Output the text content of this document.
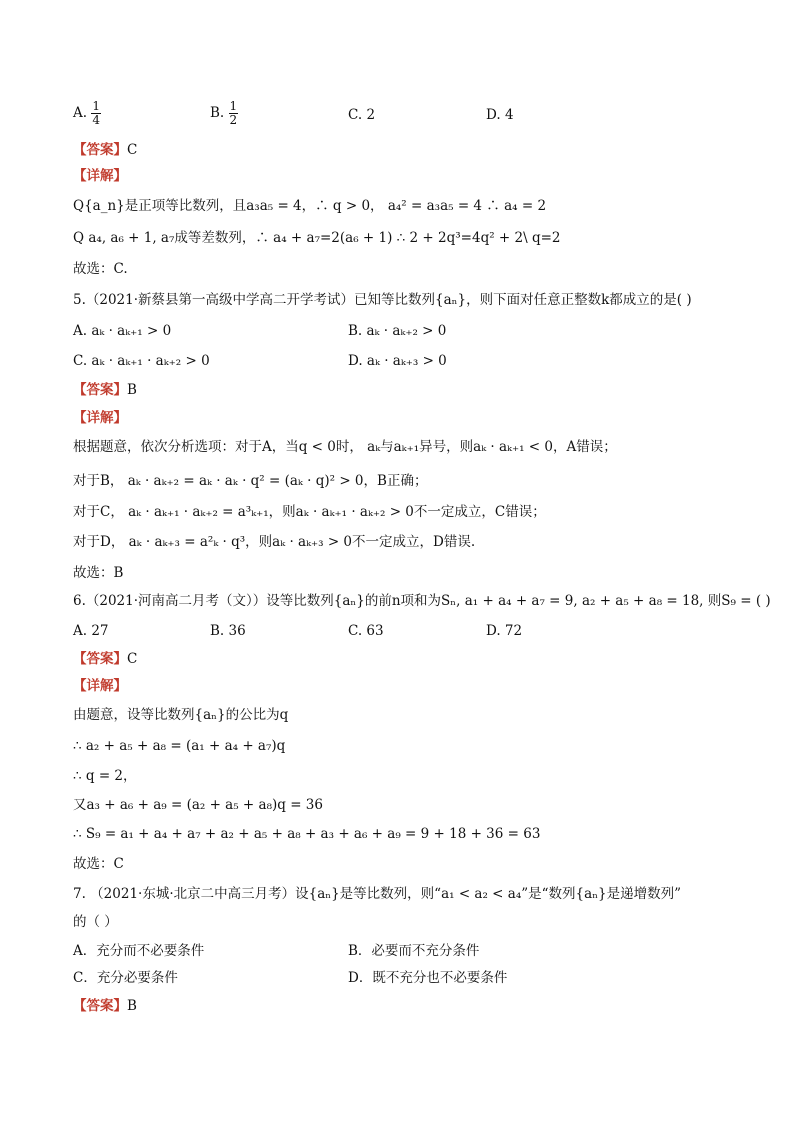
A. $\frac{1}{4}$	B. $\frac{1}{2}$	C. 2	D. 4
【答案】C
【详解】
Q{a_n}是正项等比数列，且a₃a₅ = 4，∴ q > 0， a₄² = a₃a₅ = 4 ∴ a₄ = 2
Q a₄, a₆ + 1, a₇成等差数列，∴ a₄ + a₇=2(a₆ + 1) ∴ 2 + 2q³=4q² + 2\ q=2
故选：C.
5.（2021·新蔡县第一高级中学高二开学考试）已知等比数列{aₙ}，则下面对任意正整数k都成立的是( )
A. aₖ · aₖ₊₁ > 0	B. aₖ · aₖ₊₂ > 0
C. aₖ · aₖ₊₁ · aₖ₊₂ > 0	D. aₖ · aₖ₊₃ > 0
【答案】B
【详解】
根据题意，依次分析选项：对于A，当q < 0时， aₖ与aₖ₊₁异号，则aₖ · aₖ₊₁ < 0，A错误；
对于B， aₖ · aₖ₊₂ = aₖ · aₖ · q² = (aₖ · q)² > 0，B正确；
对于C， aₖ · aₖ₊₁ · aₖ₊₂ = a³ₖ₊₁，则aₖ · aₖ₊₁ · aₖ₊₂ > 0不一定成立，C错误；
对于D， aₖ · aₖ₊₃ = a²ₖ · q³，则aₖ · aₖ₊₃ > 0不一定成立，D错误.
故选：B
6.（2021·河南高二月考（文））设等比数列{aₙ}的前n项和为Sₙ, a₁ + a₄ + a₇ = 9, a₂ + a₅ + a₈ = 18, 则S₉ = ( )
A. 27	B. 36	C. 63	D. 72
【答案】C
【详解】
由题意，设等比数列{aₙ}的公比为q
∴ a₂ + a₅ + a₈ = (a₁ + a₄ + a₇)q
∴ q = 2，
又a₃ + a₆ + a₉ = (a₂ + a₅ + a₈)q = 36
∴ S₉ = a₁ + a₄ + a₇ + a₂ + a₅ + a₈ + a₃ + a₆ + a₉ = 9 + 18 + 36 = 63
故选：C
7. （2021·东城·北京二中高三月考）设{aₙ}是等比数列，则“a₁ < a₂ < a₄”是“数列{aₙ}是递增数列”
的（ ）
A．充分而不必要条件	B．必要而不充分条件
C．充分必要条件	D．既不充分也不必要条件
【答案】B
